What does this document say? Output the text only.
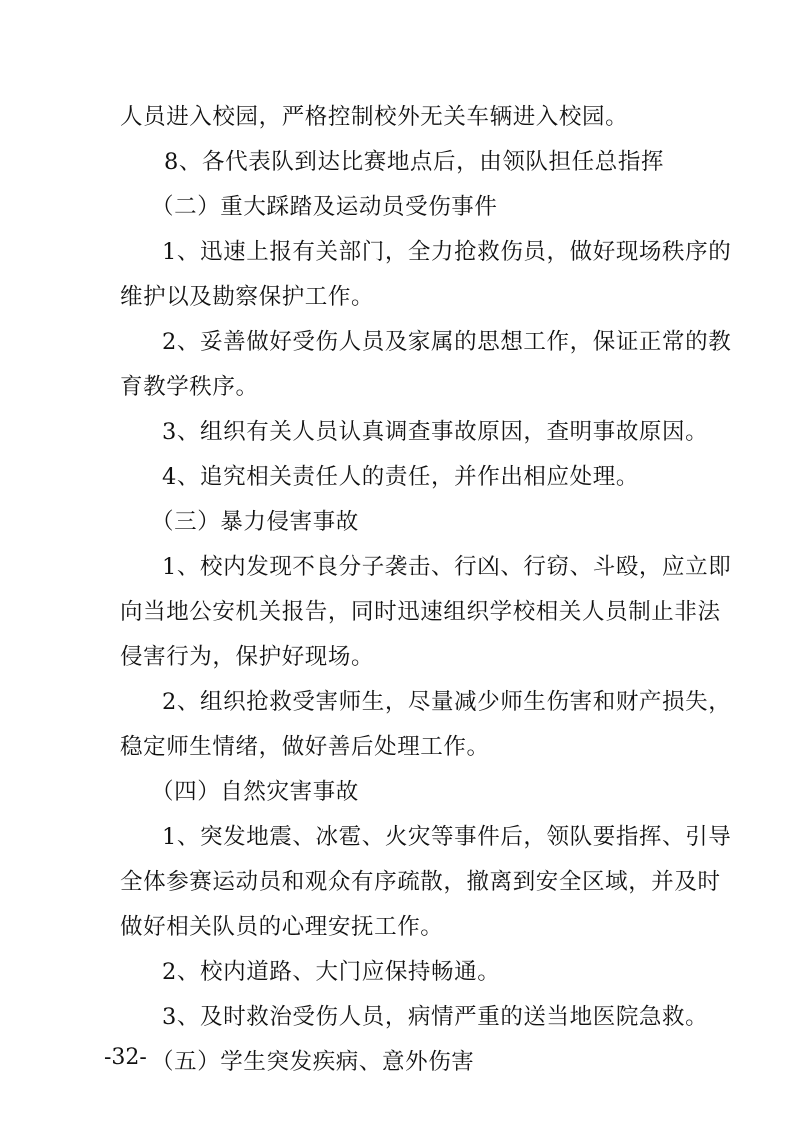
人员进入校园，严格控制校外无关车辆进入校园。
8、各代表队到达比赛地点后，由领队担任总指挥
（二）重大踩踏及运动员受伤事件
1、迅速上报有关部门，全力抢救伤员，做好现场秩序的
维护以及勘察保护工作。
2、妥善做好受伤人员及家属的思想工作，保证正常的教
育教学秩序。
3、组织有关人员认真调查事故原因，查明事故原因。
4、追究相关责任人的责任，并作出相应处理。
（三）暴力侵害事故
1、校内发现不良分子袭击、行凶、行窃、斗殴，应立即
向当地公安机关报告，同时迅速组织学校相关人员制止非法
侵害行为，保护好现场。
2、组织抢救受害师生，尽量减少师生伤害和财产损失，
稳定师生情绪，做好善后处理工作。
（四）自然灾害事故
1、突发地震、冰雹、火灾等事件后，领队要指挥、引导
全体参赛运动员和观众有序疏散，撤离到安全区域，并及时
做好相关队员的心理安抚工作。
2、校内道路、大门应保持畅通。
3、及时救治受伤人员，病情严重的送当地医院急救。
（五）学生突发疾病、意外伤害
-32-
